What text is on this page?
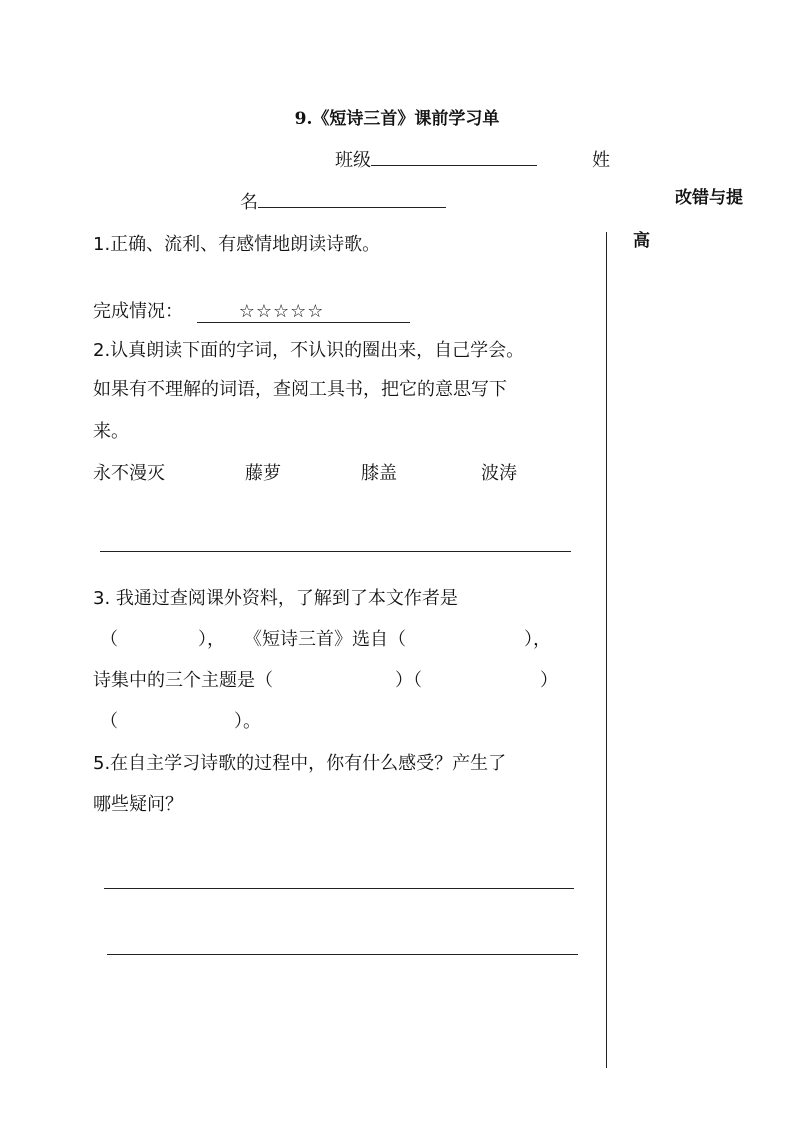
9.《短诗三首》课前学习单
班级	姓
名	改错与提
高
1.正确、流利、有感情地朗读诗歌。
完成情况：	☆☆☆☆☆
2.认真朗读下面的字词，不认识的圈出来，自己学会。
如果有不理解的词语，查阅工具书，把它的意思写下
来。
永不漫灭	藤萝	膝盖	波涛
3. 我通过查阅课外资料，了解到了本文作者是
（	）， 《短诗三首》选自（	），
诗集中的三个主题是（	）（	）
（	）。
5.在自主学习诗歌的过程中，你有什么感受？产生了
哪些疑问？
